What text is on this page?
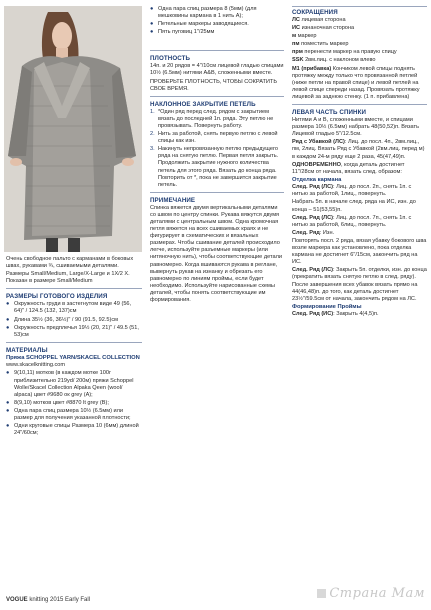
Очень свободное пальто с карманами в боковых швах, рукавами ¾, сшиваемыми деталями.

Размеры Small/Medium, Large/X-Large и 1X/2 X. Показан в размере Small/Medium

РАЗМЕРЫ ГОТОВОГО ИЗДЕЛИЯ
● Окружность груди в застегнутом виде 49 (56, 64)" / 124.5 (132, 137)см
● Длина 35½ (36, 36½)" / 90 (91.5, 92.5)см
● Окружность предплечья 19½ (20, 21)" / 49.5 (51, 53)см
МАТЕРИАЛЫ
Пряжа SCHOPPEL YARN/SKACEL COLLECTION

www.skacelknitting.com

● 9(10,11) мотков (в каждом мотке 100г приблизительно 219yd/ 200м) пряжи Schoppel Wolle/Skacel Collection Alpaka Qeen (wool/ alpaca) цвет #9680 ок grey (А);
● 8(9,10) мотков цвет #8870 lt grey (B);
● Одна пара спиц размера 10½ (6.5мм) или размер для получения указанной плотности;
● Одни круговые спицы Размера 10 (6мм) длиной 24"/60см;
● Одна пара спиц размера 8 (5мм) (для мешковины кармана в 1 нить А);
● Петельные маркеры заводящиеся.
● Пять пуговиц 1"/25мм
ПЛОТНОСТЬ

14п. и 20 рядов = 4"/10см лицевой гладью спицами 10½ (6.5мм) нитями A&B, сложенными вместе.

ПРОВЕРЬТЕ ПЛОТНОСТЬ, ЧТОБЫ СОКРАТИТЬ СВОЕ ВРЕМЯ.

НАКЛОННОЕ ЗАКРЫТИЕ ПЕТЕЛЬ
1. *Один ряд перед след. рядом с закрытием вязать до последней 1п. ряда. Эту петлю не провязывать. Повернуть работу.
2. Нить за работой, снять первую петлю с левой спицы как изн.
3. Накинуть непровязанную петлю предыдущего ряда на снятую петлю. Первая петля закрыть. Продолжить закрытие нужного количества петель для этого ряда. Вязать до конца ряда. Повторить от *, пока не завершится закрытие петель.
ПРИМЕЧАНИЕ

Спинка вяжется двумя вертикальными деталями со швом по центру спинки. Рукава вяжутся двумя деталями с центральным швом. Одна кромочная петля вяжется на всех сшиваемых краях и не фигурирует в схематических и вязальных размерах. Чтобы сшивание деталей происходило легче, используйте разъемные маркеры (или нитяночную нить), чтобы соответствующие детали равномерно. Когда вшиваются рукава в реглане, вывернуть рукав на изнанку и обрезать его равномерно по линиям проймы, если будет необходимо. Используйте нарисованные схемы деталей, чтобы понять соответствующие им формирования.

СОКРАЩЕНИЯ

ЛС лицевая сторона

ИС изнаночная сторона

м маркер

пм поместить маркер

прм перенести маркер на правую спицу

SSK 2вм.лиц. с наклоном влево

M1 (прибавка) Кончиком левой спицы поднять протяжку между только что провязанной петлей (ниже петли на правой спице) и левой петлей на левой спице спереди назад. Провязать протяжку лицевой за заднюю стенку. (1 п. прибавлена)

ЛЕВАЯ ЧАСТЬ СПИНКИ

Нитями A и B, сложенными вместе, и спицами размера 10½ (6.5мм) набрать 48(50,52)п. Вязать Лицевой гладью 5"/12.5см.

Ряд с Убавкой (ЛС): Лиц. до посл. 4п., 2вм.лиц., пм, 2лиц. Вязать Ряд с Убавкой (2вм.лиц. перед м) в каждом 24-м ряду еще 2 раза, 45(47,49)п.

ОДНОВРЕМЕННО, когда деталь достигнет 11"/28см от начала, вязать след. образом:

Отделка кармана

След. Ряд (ЛС): Лиц. до посл. 2п., снять 1п. с нитью за работой, 1лиц., повернуть.

Набрать 5п. в начале след. ряда на ИС, изн. до конца – 51(53,55)п.

След. Ряд (ЛС): Лиц. до посл. 7п., снять 1п. с нитью за работой, 6лиц., повернуть.

След. Ряд: Изн.

Повторять посл. 2 ряда, вязая убавку бокового шва возле маркера как установлено, пока отделка кармана не достигнет 6"/15см, закончить ряд на ИС.

След. Ряд (ЛС): Закрыть 5п. отделки, изн. до конца (прекратить вязать снятую петлю в след. ряду). После завершения всех убавок вязать прямо на 44(46,48)п. до того, как деталь достигнет 23½"/59.5см от начала, закончить рядом на ЛС.

Формирование Проймы

След. Ряд (ИС): Закрыть 4(4,5)п.

VOGUE knitting 2015 Early Fall	Страна Мам
